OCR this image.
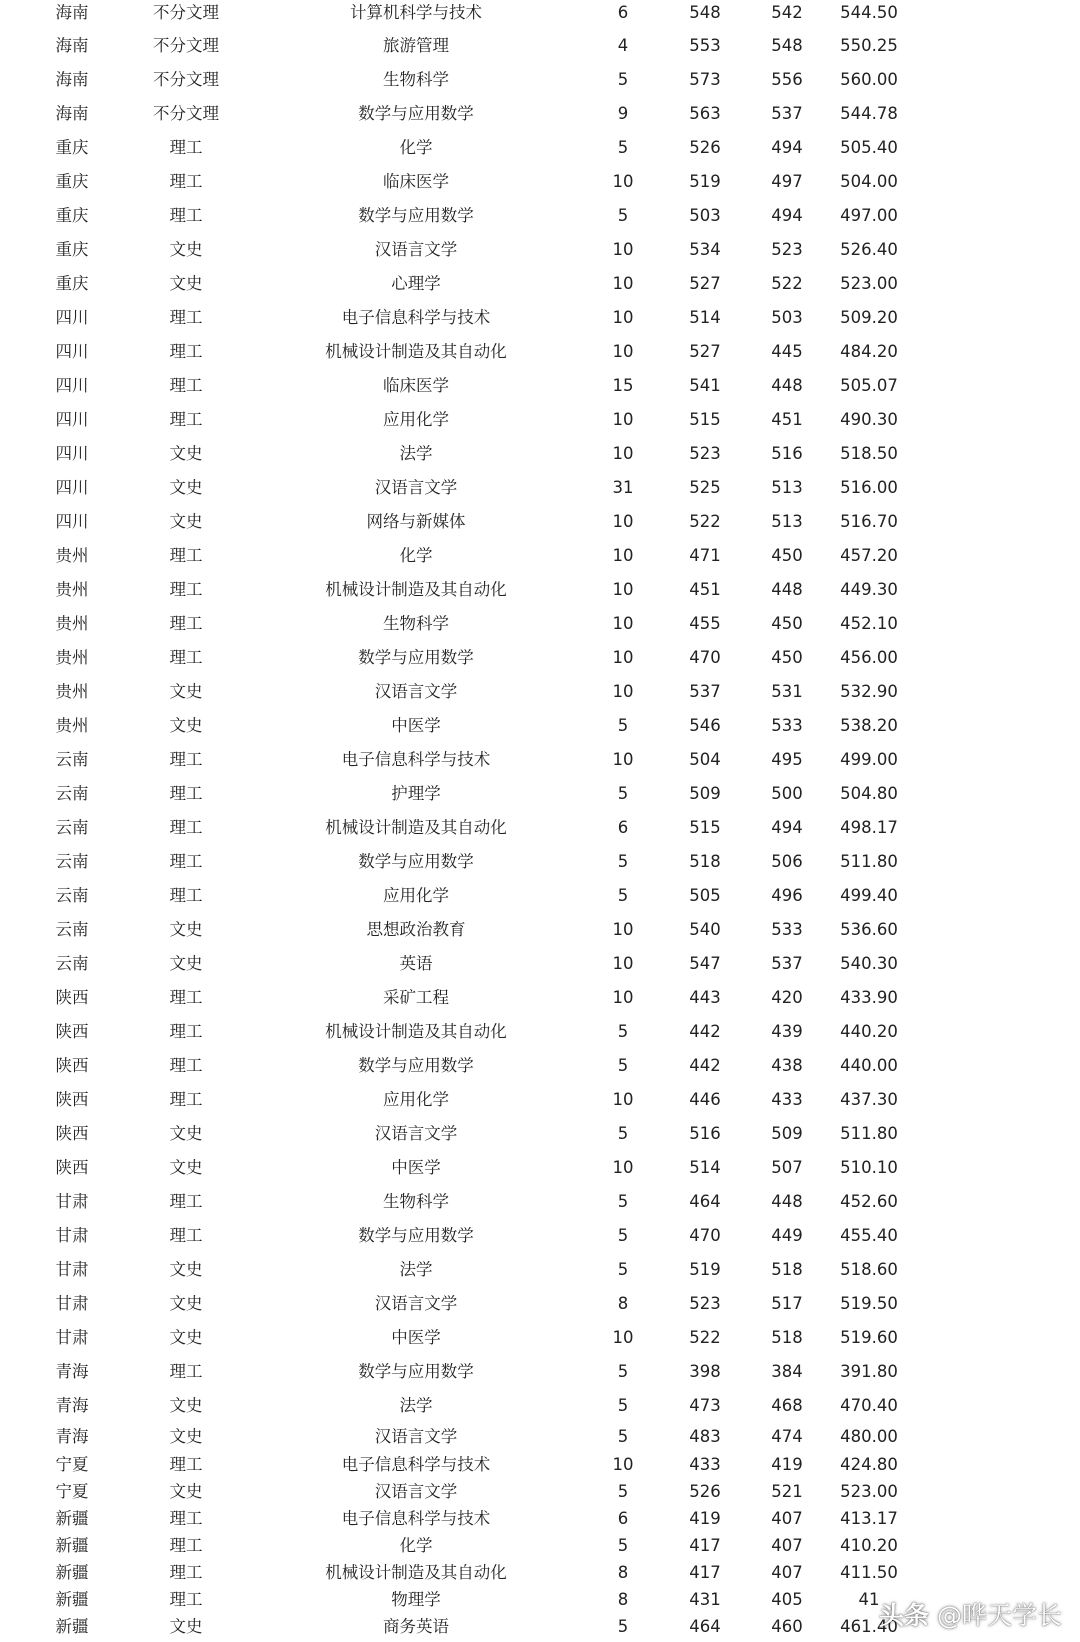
海南	不分文理	计算机科学与技术	6	548	542 544.50
海南	不分文理	旅游管理	4	553	548 550.25
海南	不分文理	生物科学	5	573	556 560.00
海南	不分文理	数学与应用数学	9	563	537 544.78
重庆	理工	化学	5	526	494 505.40
重庆	理工	临床医学	10	519	497 504.00
重庆	理工	数学与应用数学	5	503	494 497.00
重庆	文史	汉语言文学	10	534	523 526.40
重庆	文史	心理学	10	527	522 523.00
四川	理工	电子信息科学与技术	10	514	503 509.20
四川	理工	机械设计制造及其自动化	10	527	445 484.20
四川	理工	临床医学	15	541	448 505.07
四川	理工	应用化学	10	515	451 490.30
四川	文史	法学	10	523	516 518.50
四川	文史	汉语言文学	31	525	513 516.00
四川	文史	网络与新媒体	10	522	513 516.70
贵州	理工	化学	10	471	450 457.20
贵州	理工	机械设计制造及其自动化	10	451	448 449.30
贵州	理工	生物科学	10	455	450 452.10
贵州	理工	数学与应用数学	10	470	450 456.00
贵州	文史	汉语言文学	10	537	531 532.90
贵州	文史	中医学	5	546	533 538.20
云南	理工	电子信息科学与技术	10	504	495 499.00
云南	理工	护理学	5	509	500 504.80
云南	理工	机械设计制造及其自动化	6	515	494 498.17
云南	理工	数学与应用数学	5	518	506 511.80
云南	理工	应用化学	5	505	496 499.40
云南	文史	思想政治教育	10	540	533 536.60
云南	文史	英语	10	547	537 540.30
陕西	理工	采矿工程	10	443	420 433.90
陕西	理工	机械设计制造及其自动化	5	442	439 440.20
陕西	理工	数学与应用数学	5	442	438 440.00
陕西	理工	应用化学	10	446	433 437.30
陕西	文史	汉语言文学	5	516	509 511.80
陕西	文史	中医学	10	514	507 510.10
甘肃	理工	生物科学	5	464	448 452.60
甘肃	理工	数学与应用数学	5	470	449 455.40
甘肃	文史	法学	5	519	518 518.60
甘肃	文史	汉语言文学	8	523	517 519.50
甘肃	文史	中医学	10	522	518 519.60
青海	理工	数学与应用数学	5	398	384 391.80
青海	文史	法学	5	473	468 470.40
青海	文史	汉语言文学	5	483	474 480.00
宁夏	理工	电子信息科学与技术	10	433	419 424.80
宁夏	文史	汉语言文学	5	526	521 523.00
新疆	理工	电子信息科学与技术	6	419	407 413.17
新疆	理工	化学	5	417	407 410.20
新疆	理工	机械设计制造及其自动化	8	417	407 411.50
新疆	理工	物理学	8	431	405	41
新疆	文史	商务英语	5	464	460 461.40
头条 @晔天学长
